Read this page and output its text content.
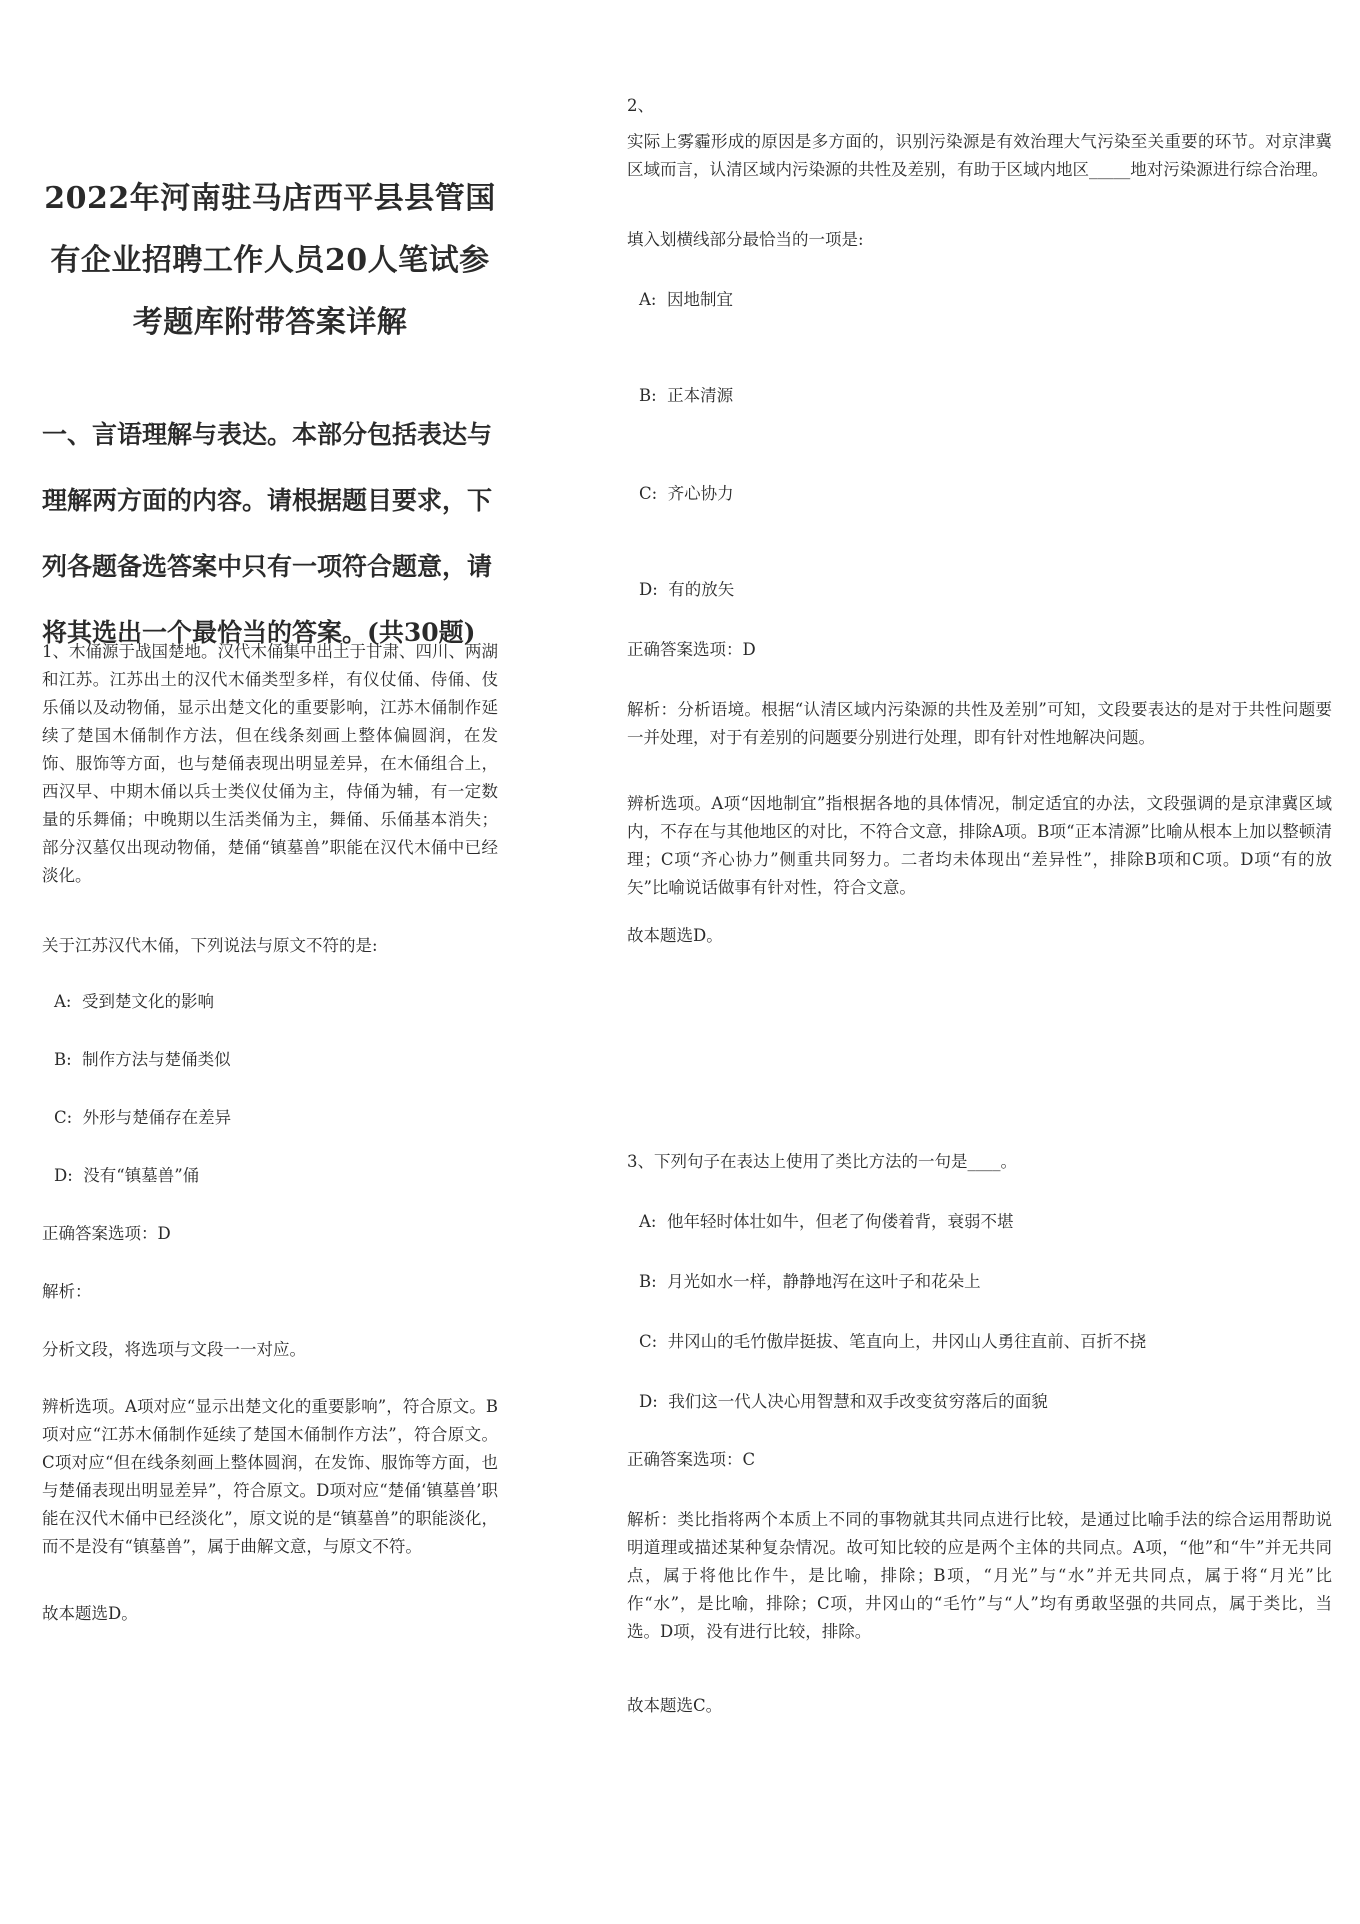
2022年河南驻马店西平县县管国有企业招聘工作人员20人笔试参考题库附带答案详解

一、言语理解与表达。本部分包括表达与理解两方面的内容。请根据题目要求，下列各题备选答案中只有一项符合题意，请将其选出一个最恰当的答案。(共30题)

1、木俑源于战国楚地。汉代木俑集中出土于甘肃、四川、两湖和江苏。江苏出土的汉代木俑类型多样，有仪仗俑、侍俑、伎乐俑以及动物俑，显示出楚文化的重要影响，江苏木俑制作延续了楚国木俑制作方法，但在线条刻画上整体偏圆润，在发饰、服饰等方面，也与楚俑表现出明显差异，在木俑组合上，西汉早、中期木俑以兵士类仪仗俑为主，侍俑为辅，有一定数量的乐舞俑；中晚期以生活类俑为主，舞俑、乐俑基本消失；部分汉墓仅出现动物俑，楚俑“镇墓兽”职能在汉代木俑中已经淡化。

关于江苏汉代木俑，下列说法与原文不符的是:

A:  受到楚文化的影响

B:  制作方法与楚俑类似

C:  外形与楚俑存在差异

D:  没有“镇墓兽”俑

正确答案选项：D

解析：

分析文段，将选项与文段一一对应。

辨析选项。A项对应“显示出楚文化的重要影响”，符合原文。B项对应“江苏木俑制作延续了楚国木俑制作方法”，符合原文。C项对应“但在线条刻画上整体圆润，在发饰、服饰等方面，也与楚俑表现出明显差异”，符合原文。D项对应“楚俑‘镇墓兽’职能在汉代木俑中已经淡化”，原文说的是“镇墓兽”的职能淡化，而不是没有“镇墓兽”，属于曲解文意，与原文不符。

故本题选D。

2、

实际上雾霾形成的原因是多方面的，识别污染源是有效治理大气污染至关重要的环节。对京津冀区域而言，认清区域内污染源的共性及差别，有助于区域内地区_____地对污染源进行综合治理。

填入划横线部分最恰当的一项是:

A:  因地制宜

B:  正本清源

C:  齐心协力

D:  有的放矢

正确答案选项：D

解析：分析语境。根据“认清区域内污染源的共性及差别”可知，文段要表达的是对于共性问题要一并处理，对于有差别的问题要分别进行处理，即有针对性地解决问题。

辨析选项。A项“因地制宜”指根据各地的具体情况，制定适宜的办法，文段强调的是京津冀区域内，不存在与其他地区的对比，不符合文意，排除A项。B项“正本清源”比喻从根本上加以整顿清理；C项“齐心协力”侧重共同努力。二者均未体现出“差异性”，排除B项和C项。D项“有的放矢”比喻说话做事有针对性，符合文意。

故本题选D。

3、下列句子在表达上使用了类比方法的一句是____。

A:  他年轻时体壮如牛，但老了佝偻着背，衰弱不堪

B:  月光如水一样，静静地泻在这叶子和花朵上

C:  井冈山的毛竹傲岸挺拔、笔直向上，井冈山人勇往直前、百折不挠

D:  我们这一代人决心用智慧和双手改变贫穷落后的面貌

正确答案选项：C

解析：类比指将两个本质上不同的事物就其共同点进行比较，是通过比喻手法的综合运用帮助说明道理或描述某种复杂情况。故可知比较的应是两个主体的共同点。A项，“他”和“牛”并无共同点，属于将他比作牛，是比喻，排除；B项，“月光”与“水”并无共同点，属于将“月光”比作“水”，是比喻，排除；C项，井冈山的“毛竹”与“人”均有勇敢坚强的共同点，属于类比，当选。D项，没有进行比较，排除。

故本题选C。
